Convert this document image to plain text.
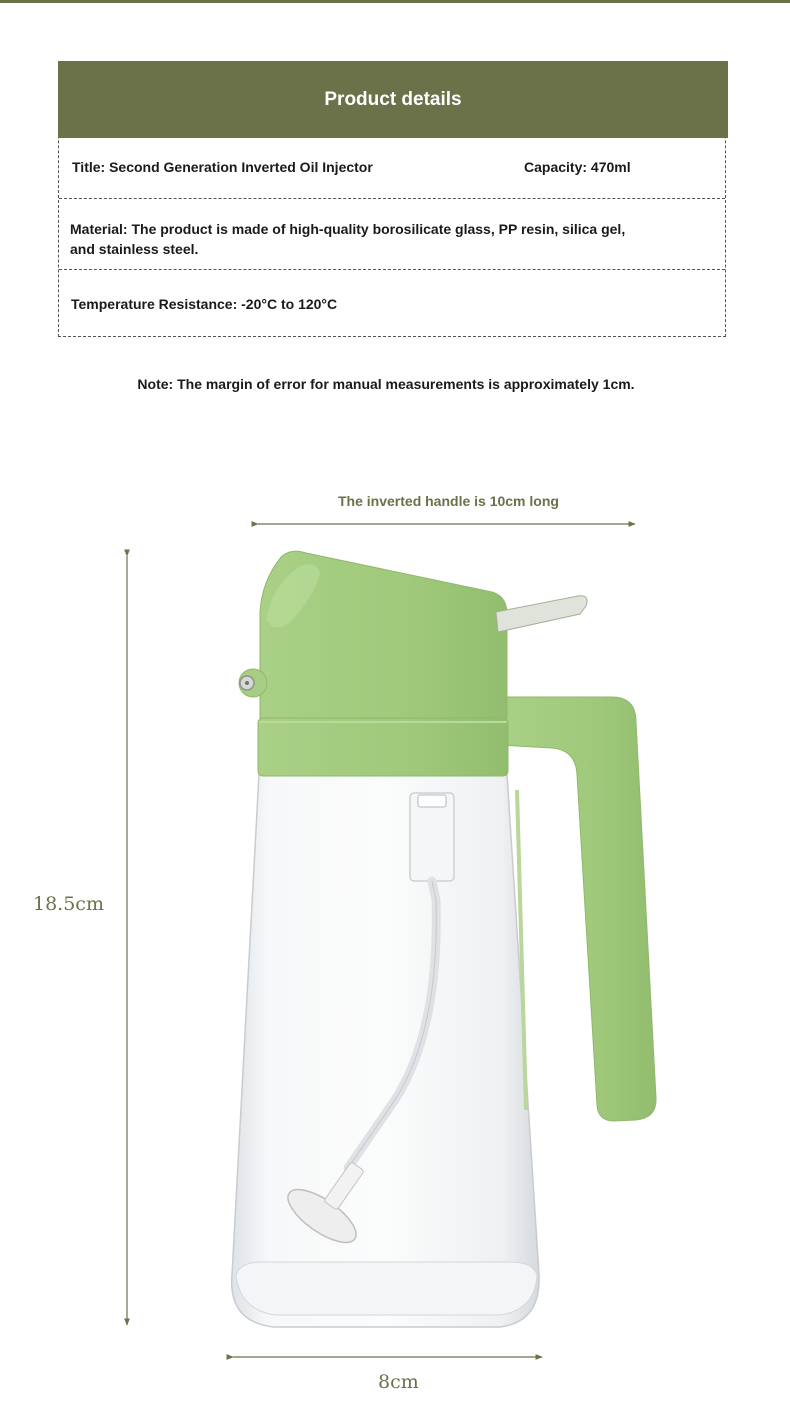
Product details
Title: Second Generation Inverted Oil Injector	Capacity: 470ml
Material: The product is made of high-quality borosilicate glass, PP resin, silica gel,
and stainless steel.
Temperature Resistance: -20°C to 120°C
Note: The margin of error for manual measurements is approximately 1cm.
The inverted handle is 10cm long
18.5cm
8cm
